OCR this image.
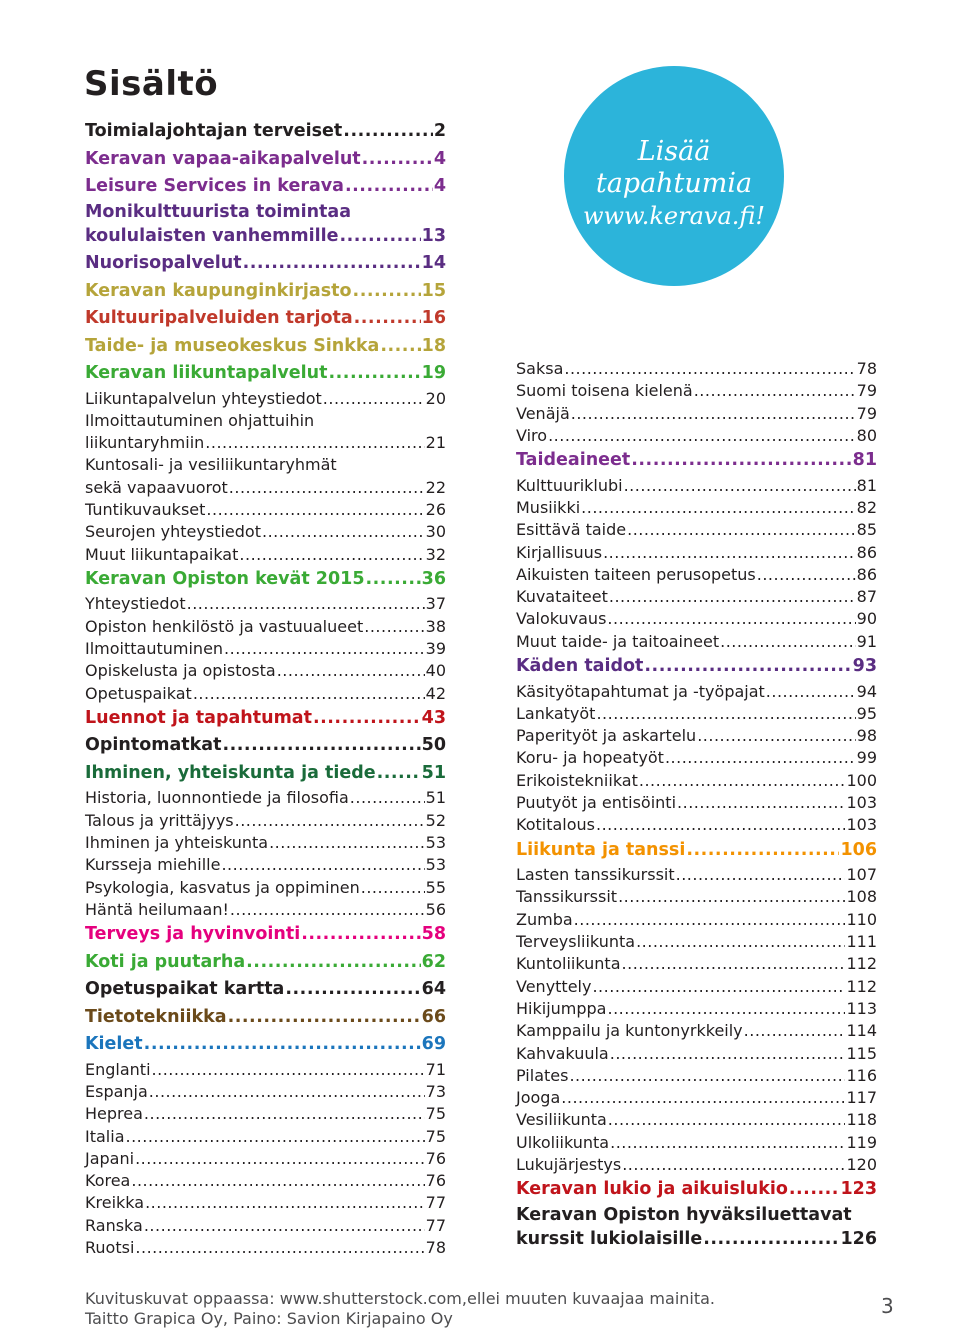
Sisältö
Toimialajohtajan terveiset .....	2
Keravan vapaa-aikapalvelut .....	4
Leisure Services in kerava .....	4
Monikulttuurista toimintaa
koululaisten vanhemmille .....	13
Nuorisopalvelut .....	14
Keravan kaupunginkirjasto .....	15
Kultuuripalveluiden tarjota .....	16
Taide- ja museokeskus Sinkka ..... 18
Keravan liikuntapalvelut .....	19
Liikuntapalvelun yhteystiedot .....	20
Ilmoittautuminen ohjattuihin
liikuntaryhmiin .....	21
Kuntosali- ja vesiliikuntaryhmät
sekä vapaavuorot .....	22
Tuntikuvaukset .....	26
Seurojen yhteystiedot .....	30
Muut liikuntapaikat .....	32
Keravan Opiston kevät 2015 .....	36
Yhteystiedot .....	37
Opiston henkilöstö ja vastuualueet .....	38
Ilmoittautuminen .....	39
Opiskelusta ja opistosta .....	40
Opetuspaikat .....	42
Luennot ja tapahtumat .....	43
Opintomatkat .....	50
Ihminen, yhteiskunta ja tiede .....	51
Historia, luonnontiede ja filosofia .....	51
Talous ja yrittäjyys .....	52
Ihminen ja yhteiskunta .....	53
Kursseja miehille .....	53
Psykologia, kasvatus ja oppiminen .....	55
Häntä heilumaan! .....	56
Terveys ja hyvinvointi .....	58
Koti ja puutarha .....	62
Opetuspaikat kartta .....	64
Tietotekniikka .....	66
Kielet .....	69
Englanti .....	71
Espanja .....	73
Heprea .....	75
Italia .....	75
Japani .....	76
Korea .....	76
Kreikka .....	77
Ranska .....	77
Ruotsi .....	78
Saksa .....	78
Suomi toisena kielenä .....	79
Venäjä .....	79
Viro .....	80
Taideaineet .....	81
Kulttuuriklubi .....	81
Musiikki .....	82
Esittävä taide .....	85
Kirjallisuus .....	86
Aikuisten taiteen perusopetus .....	86
Kuvataiteet .....	87
Valokuvaus .....	90
Muut taide- ja taitoaineet .....	91
Käden taidot .....	93
Käsityötapahtumat ja -työpajat .....	94
Lankatyöt .....	95
Paperityöt ja askartelu .....	98
Koru- ja hopeatyöt .....	99
Erikoistekniikat .....	100
Puutyöt ja entisöinti .....	103
Kotitalous .....	103
Liikunta ja tanssi .....	106
Lasten tanssikurssit .....	107
Tanssikurssit .....	108
Zumba .....	110
Terveysliikunta .....	111
Kuntoliikunta .....	112
Venyttely .....	112
Hikijumppa .....	113
Kamppailu ja kuntonyrkkeily .....	114
Kahvakuula .....	115
Pilates .....	116
Jooga .....	117
Vesiliikunta .....	118
Ulkoliikunta .....	119
Lukujärjestys .....	120
Keravan lukio ja aikuislukio .....	123
Keravan Opiston hyväksiluettavat
kurssit lukiolaisille .....	126
Lisää
tapahtumia
www.kerava.fi!
Kuvituskuvat oppaassa: www.shutterstock.com,ellei muuten kuvaajaa mainita.
Taitto Grapica Oy, Paino: Savion Kirjapaino Oy
3
